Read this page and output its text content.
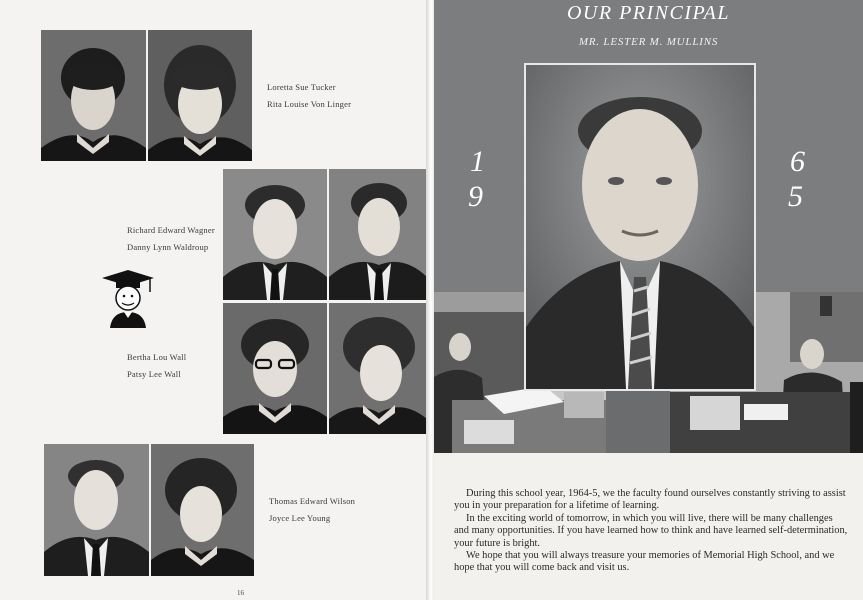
Loretta Sue Tucker
Rita Louise Von Linger
Richard Edward Wagner
Danny Lynn Waldroup
Bertha Lou Wall
Patsy Lee Wall
Thomas Edward Wilson
Joyce Lee Young
16
OUR PRINCIPAL
MR. LESTER M. MULLINS
1
9
6
5

During this school year, 1964-5, we the faculty found ourselves constantly striving to assist you in your preparation for a lifetime of learning.

In the exciting world of tomorrow, in which you will live, there will be many challenges and many opportunities. If you have learned how to think and have learned self-determination, your future is bright.

We hope that you will always treasure your memories of Memorial High School, and we hope that you will come back and visit us.
